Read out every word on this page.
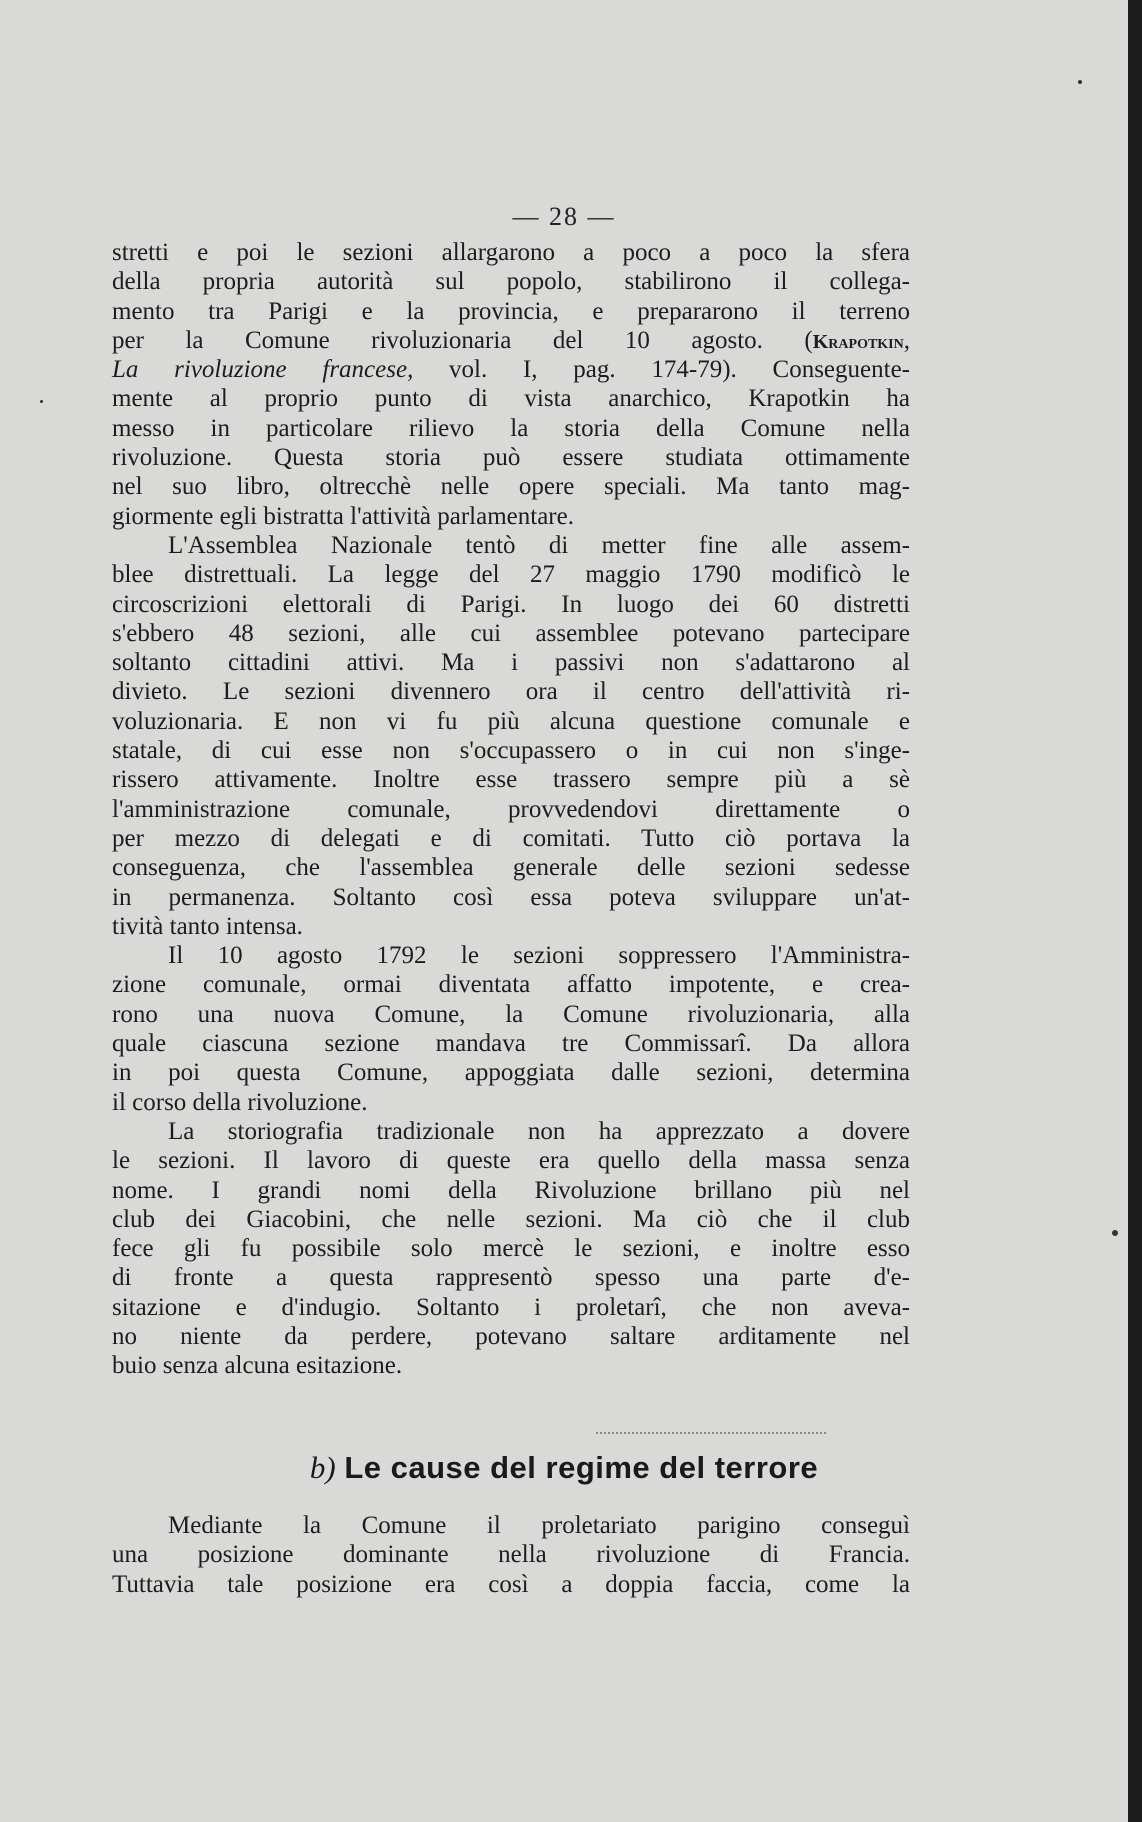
— 28 —
stretti e poi le sezioni allargarono a poco a poco la sfera
della propria autorità sul popolo, stabilirono il collega-
mento tra Parigi e la provincia, e prepararono il terreno
per la Comune rivoluzionaria del 10 agosto. (Krapotkin,
La rivoluzione francese, vol. I, pag. 174-79). Conseguente-
mente al proprio punto di vista anarchico, Krapotkin ha
messo in particolare rilievo la storia della Comune nella
rivoluzione. Questa storia può essere studiata ottimamente
nel suo libro, oltrecchè nelle opere speciali. Ma tanto mag-
giormente egli bistratta l'attività parlamentare.
L'Assemblea Nazionale tentò di metter fine alle assem-
blee distrettuali. La legge del 27 maggio 1790 modificò le
circoscrizioni elettorali di Parigi. In luogo dei 60 distretti
s'ebbero 48 sezioni, alle cui assemblee potevano partecipare
soltanto cittadini attivi. Ma i passivi non s'adattarono al
divieto. Le sezioni divennero ora il centro dell'attività ri-
voluzionaria. E non vi fu più alcuna questione comunale e
statale, di cui esse non s'occupassero o in cui non s'inge-
rissero attivamente. Inoltre esse trassero sempre più a sè
l'amministrazione comunale, provvedendovi direttamente o
per mezzo di delegati e di comitati. Tutto ciò portava la
conseguenza, che l'assemblea generale delle sezioni sedesse
in permanenza. Soltanto così essa poteva sviluppare un'at-
tività tanto intensa.
Il 10 agosto 1792 le sezioni soppressero l'Amministra-
zione comunale, ormai diventata affatto impotente, e crea-
rono una nuova Comune, la Comune rivoluzionaria, alla
quale ciascuna sezione mandava tre Commissarî. Da allora
in poi questa Comune, appoggiata dalle sezioni, determina
il corso della rivoluzione.
La storiografia tradizionale non ha apprezzato a dovere
le sezioni. Il lavoro di queste era quello della massa senza
nome. I grandi nomi della Rivoluzione brillano più nel
club dei Giacobini, che nelle sezioni. Ma ciò che il club
fece gli fu possibile solo mercè le sezioni, e inoltre esso
di fronte a questa rappresentò spesso una parte d'e-
sitazione e d'indugio. Soltanto i proletarî, che non aveva-
no niente da perdere, potevano saltare arditamente nel
buio senza alcuna esitazione.
b) Le cause del regime del terrore
Mediante la Comune il proletariato parigino conseguì
una posizione dominante nella rivoluzione di Francia.
Tuttavia tale posizione era così a doppia faccia, come la
